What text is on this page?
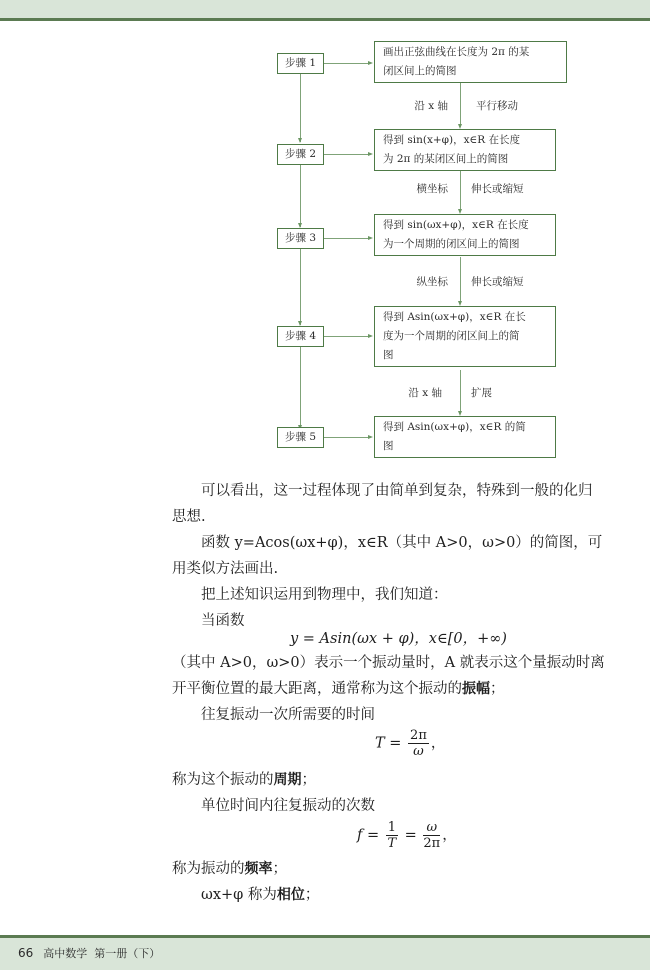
步骤 1
步骤 2
步骤 3
步骤 4
步骤 5
画出正弦曲线在长度为 2π 的某
闭区间上的简图
得到 sin(x+φ)，x∈R 在长度
为 2π 的某闭区间上的简图
得到 sin(ωx+φ)，x∈R 在长度
为一个周期的闭区间上的简图
得到 Asin(ωx+φ)，x∈R 在长
度为一个周期的闭区间上的简
图
得到 Asin(ωx+φ)，x∈R 的简
图
沿 x 轴	平行移动
横坐标 伸长或缩短
纵坐标 伸长或缩短
沿 x 轴	扩展
可以看出，这一过程体现了由简单到复杂，特殊到一般的化归
思想.
函数 y=Acos(ωx+φ)，x∈R（其中 A>0，ω>0）的简图，可
用类似方法画出.
把上述知识运用到物理中，我们知道：
当函数
y = Asin(ωx + φ)，x∈[0，+∞)
（其中 A>0，ω>0）表示一个振动量时，A 就表示这个量振动时离
开平衡位置的最大距离，通常称为这个振动的振幅；
往复振动一次所需要的时间
$T = \frac{2\pi}{\omega}$ ，
称为这个振动的周期；
单位时间内往复振动的次数
$f = \frac{1}{T} = \frac{\omega}{2\pi}$ ，
称为振动的频率；
ωx+φ 称为相位；
66 高中数学  第一册（下）
